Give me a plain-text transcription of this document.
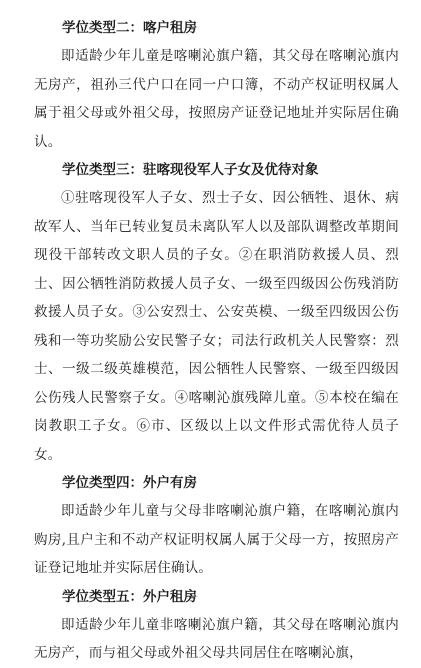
学位类型二：喀户租房

即适龄少年儿童是喀喇沁旗户籍，其父母在喀喇沁旗内无房产，祖孙三代户口在同一户口簿，不动产权证明权属人属于祖父母或外祖父母，按照房产证登记地址并实际居住确认。

学位类型三：驻喀现役军人子女及优待对象

①驻喀现役军人子女、烈士子女、因公牺牲、退休、病故军人、当年已转业复员未离队军人以及部队调整改革期间现役干部转改文职人员的子女。②在职消防救援人员、烈士、因公牺牲消防救援人员子女、一级至四级因公伤残消防救援人员子女。③公安烈士、公安英模、一级至四级因公伤残和一等功奖励公安民警子女；司法行政机关人民警察：烈士、一级二级英雄模范，因公牺牲人民警察、一级至四级因公伤残人民警察子女。④喀喇沁旗残障儿童。⑤本校在编在岗教职工子女。⑥市、区级以上以文件形式需优待人员子女。

学位类型四：外户有房

即适龄少年儿童与父母非喀喇沁旗户籍，在喀喇沁旗内购房,且户主和不动产权证明权属人属于父母一方，按照房产证登记地址并实际居住确认。

学位类型五：外户租房

即适龄少年儿童非喀喇沁旗户籍，其父母在喀喇沁旗内无房产，而与祖父母或外祖父母共同居住在喀喇沁旗，
